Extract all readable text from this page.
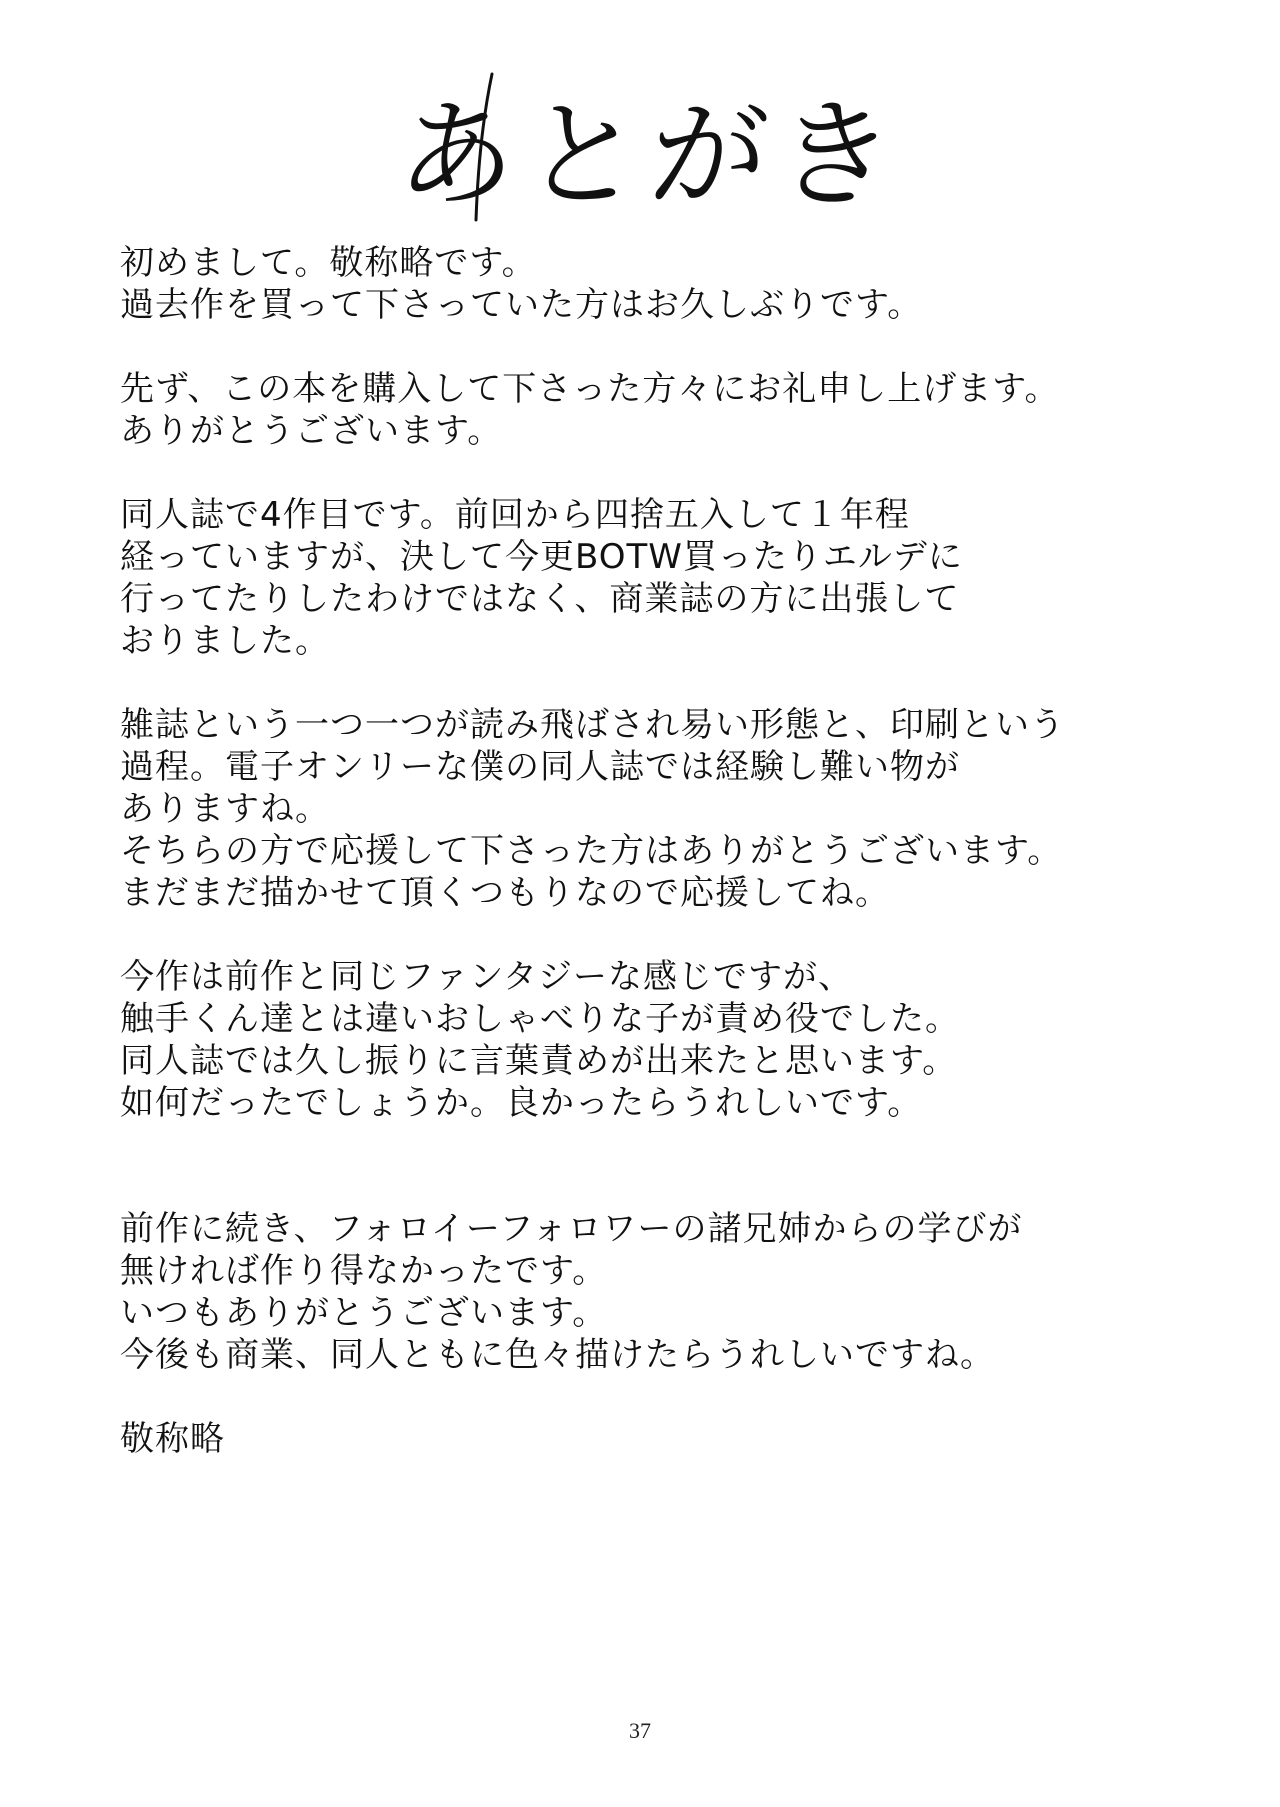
あとがき
初めまして。敬称略です。
過去作を買って下さっていた方はお久しぶりです。
先ず、この本を購入して下さった方々にお礼申し上げます。
ありがとうございます。
同人誌で4作目です。前回から四捨五入して１年程
経っていますが、決して今更BOTW買ったりエルデに
行ってたりしたわけではなく、商業誌の方に出張して
おりました。
雑誌という一つ一つが読み飛ばされ易い形態と、印刷という
過程。電子オンリーな僕の同人誌では経験し難い物が
ありますね。
そちらの方で応援して下さった方はありがとうございます。
まだまだ描かせて頂くつもりなので応援してね。
今作は前作と同じファンタジーな感じですが、
触手くん達とは違いおしゃべりな子が責め役でした。
同人誌では久し振りに言葉責めが出来たと思います。
如何だったでしょうか。良かったらうれしいです。
前作に続き、フォロイーフォロワーの諸兄姉からの学びが
無ければ作り得なかったです。
いつもありがとうございます。
今後も商業、同人ともに色々描けたらうれしいですね。
敬称略
37
